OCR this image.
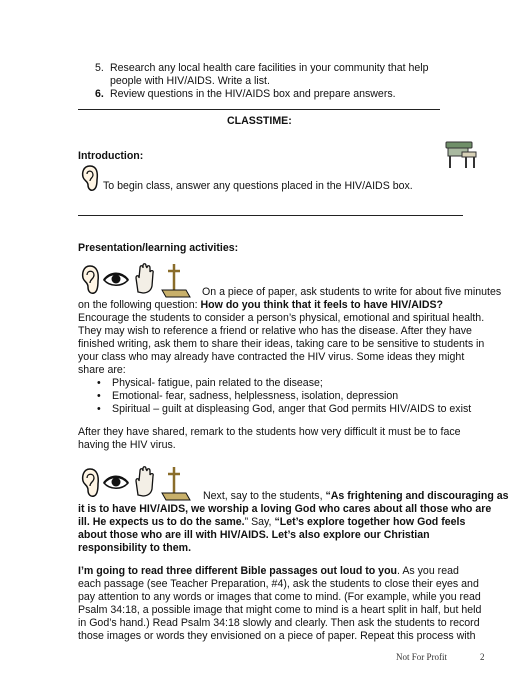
5. Research any local health care facilities in your community that help
people with HIV/AIDS. Write a list.
6. Review questions in the HIV/AIDS box and prepare answers.
CLASSTIME:
Introduction:
To begin class, answer any questions placed in the HIV/AIDS box.
Presentation/learning activities:
On a piece of paper, ask students to write for about five minutes

on the following question: How do you think that it feels to have HIV/AIDS?

Encourage the students to consider a person’s physical, emotional and spiritual health.
They may wish to reference a friend or relative who has the disease. After they have
finished writing, ask them to share their ideas, taking care to be sensitive to students in
your class who may already have contracted the HIV virus. Some ideas they might
share are:
• Physical- fatigue, pain related to the disease;
• Emotional- fear, sadness, helplessness, isolation, depression
• Spiritual – guilt at displeasing God, anger that God permits HIV/AIDS to exist
After they have shared, remark to the students how very difficult it must be to face
having the HIV virus.

Next, say to the students, “As frightening and discouraging as

it is to have HIV/AIDS, we worship a loving God who cares about all those who are

ill. He expects us to do the same.” Say, “Let’s explore together how God feels

about those who are ill with HIV/AIDS. Let’s also explore our Christian
responsibility to them.

I’m going to read three different Bible passages out loud to you. As you read

each passage (see Teacher Preparation, #4), ask the students to close their eyes and
pay attention to any words or images that come to mind. (For example, while you read
Psalm 34:18, a possible image that might come to mind is a heart split in half, but held
in God’s hand.) Read Psalm 34:18 slowly and clearly. Then ask the students to record
those images or words they envisioned on a piece of paper. Repeat this process with
Not For Profit	2
